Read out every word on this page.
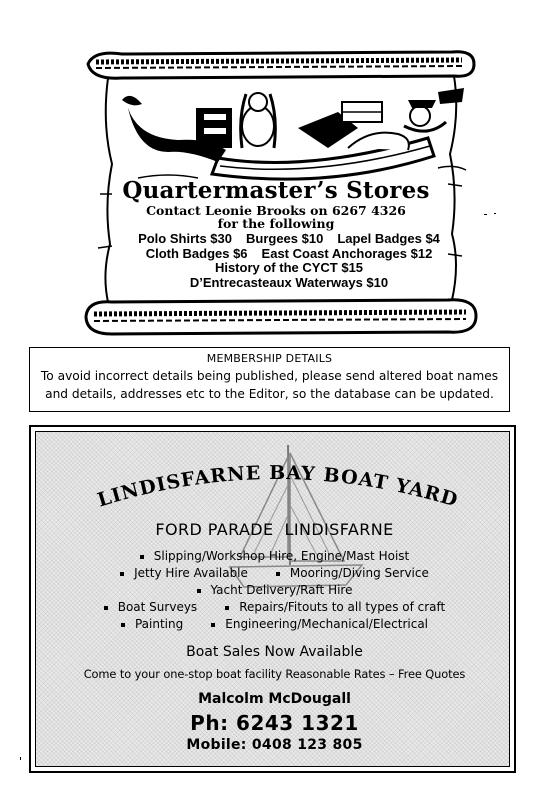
Quartermaster’s Stores
Contact Leonie Brooks on 6267 4326
for the following
Polo Shirts $30 Burgees $10 Lapel Badges $4
Cloth Badges $6 East Coast Anchorages $12
History of the CYCT $15
D’Entrecasteaux Waterways $10
MEMBERSHIP DETAILS

To avoid incorrect details being published, please send altered boat names and details, addresses etc to the Editor, so the database can be updated.

LINDISFARNE BAY BOAT YARD
FORD PARADE  LINDISFARNE
Slipping/Workshop Hire, Engine/Mast Hoist
Jetty Hire Available	Mooring/Diving Service
Yacht Delivery/Raft Hire
Boat Surveys	Repairs/Fitouts to all types of craft
Painting	Engineering/Mechanical/Electrical
Boat Sales Now Available
Come to your one-stop boat facility Reasonable Rates – Free Quotes
Malcolm McDougall
Ph: 6243 1321
Mobile: 0408 123 805
